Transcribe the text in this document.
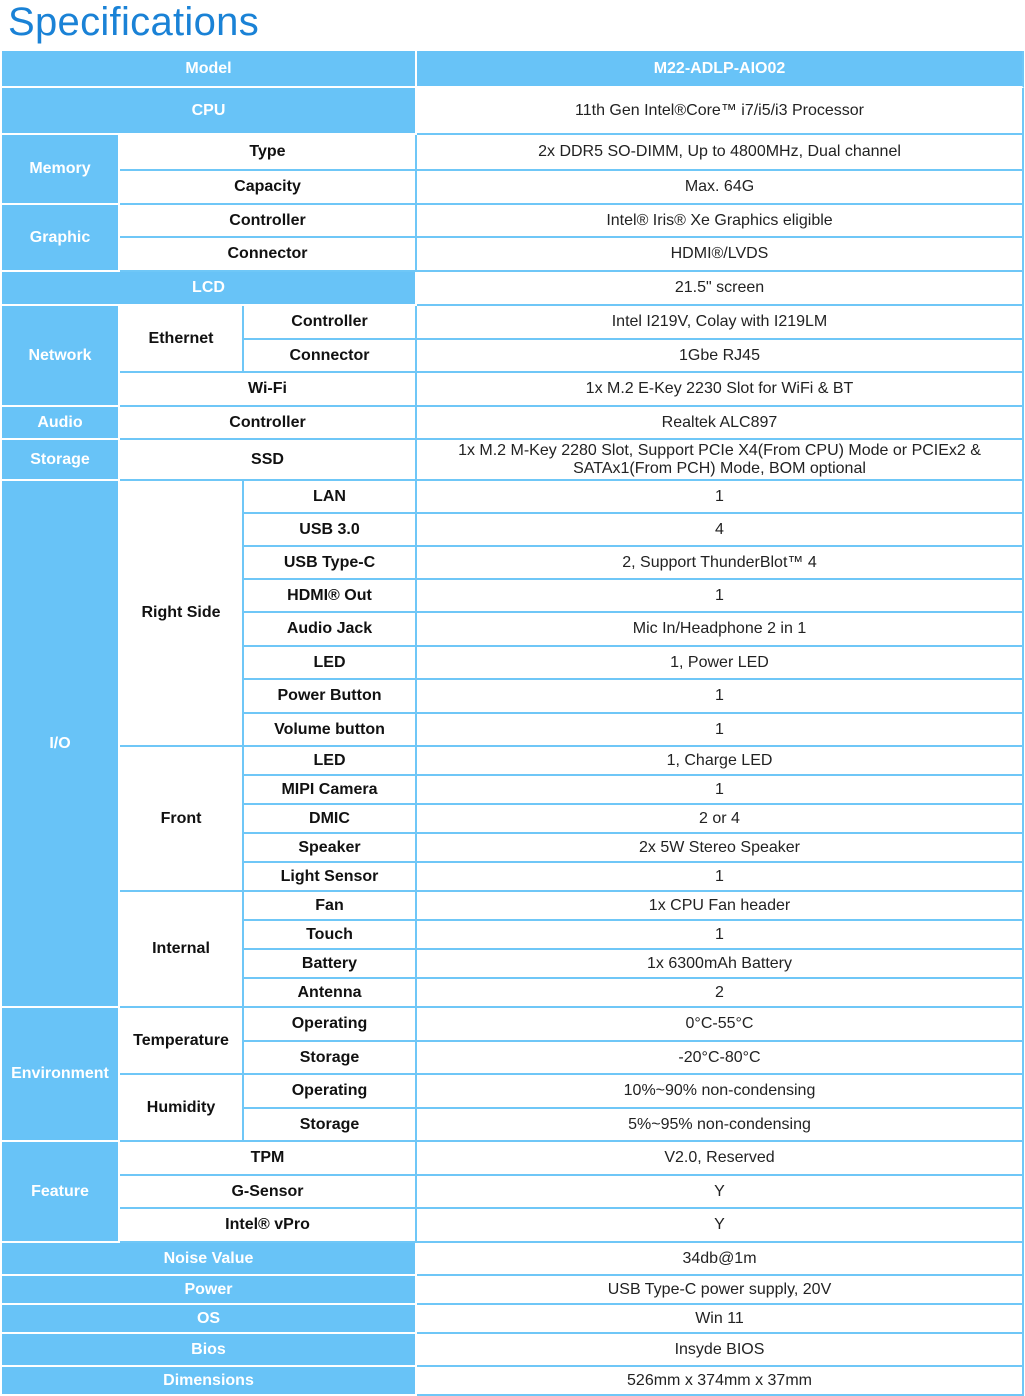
Specifications
Model			M22-ADLP-AIO02
CPU			11th Gen Intel®Core™ i7/i5/i3 Processor
Memory	Type		2x DDR5 SO-DIMM, Up to 4800MHz, Dual channel
	Capacity		Max. 64G
Graphic	Controller		Intel® Iris® Xe Graphics eligible
	Connector		HDMI®/LVDS
LCD			21.5" screen
Network	Ethernet	Controller	Intel I219V, Colay with I219LM
		Connector	1Gbe RJ45
	Wi-Fi		1x M.2 E-Key 2230 Slot for WiFi & BT
Audio	Controller		Realtek ALC897
Storage	SSD		1x M.2 M-Key 2280 Slot, Support PCIe X4(From CPU) Mode or PCIEx2 &
SATAx1(From PCH) Mode, BOM optional

I/O	Right Side	LAN	1
		USB 3.0	4
		USB Type-C	2, Support ThunderBlot™ 4
		HDMI® Out	1
		Audio Jack	Mic In/Headphone 2 in 1
		LED	1, Power LED
		Power Button	1
		Volume button	1
	Front	LED	1, Charge LED
		MIPI Camera	1
		DMIC	2 or 4
		Speaker	2x 5W Stereo Speaker
		Light Sensor	1
	Internal	Fan	1x CPU Fan header
		Touch	1
		Battery	1x 6300mAh Battery
		Antenna	2
Environment	Temperature	Operating	0°C-55°C
		Storage	-20°C-80°C
	Humidity	Operating	10%~90% non-condensing
		Storage	5%~95% non-condensing
Feature	TPM		V2.0, Reserved
	G-Sensor		Y
	Intel® vPro		Y
Noise Value			34db@1m
Power			USB Type-C power supply, 20V
OS			Win 11
Bios			Insyde BIOS
Dimensions			526mm x 374mm x 37mm
